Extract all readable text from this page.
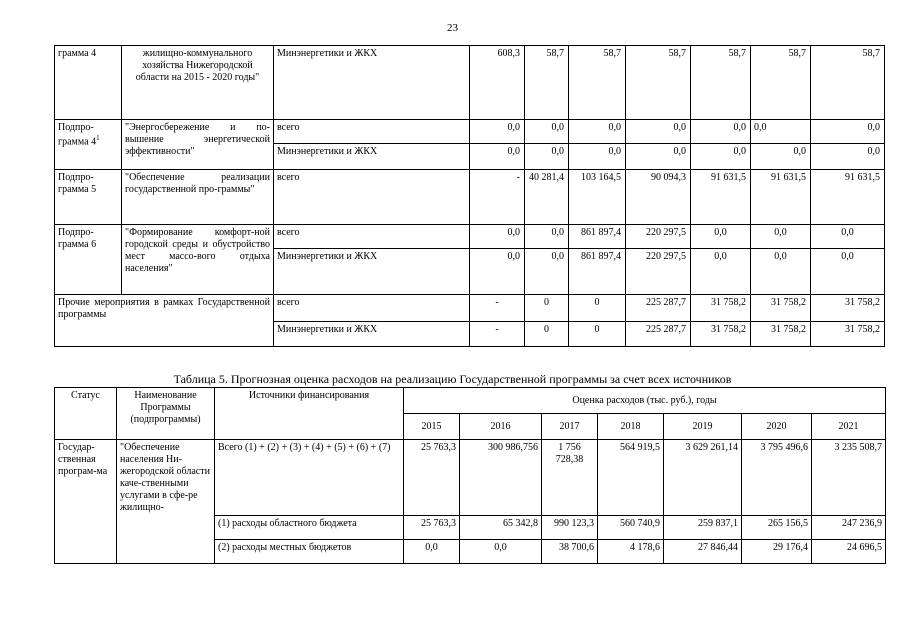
23
грамма 4	жилищно-коммунального хозяйства Нижегородской области на 2015 - 2020 годы"	Минэнергетики и ЖКХ	608,3	58,7	58,7	58,7	58,7	58,7	58,7
Подпро-грамма $4^1$	"Энергосбережение и по-вышение энергетической эффективности"	всего	0,0	0,0	0,0	0,0	0,0	0,0	0,0
		Минэнергетики и ЖКХ	0,0	0,0	0,0	0,0	0,0	0,0	0,0
Подпро-грамма 5	"Обеспечение реализации государственной про-граммы"	всего	-	40 281,4	103 164,5	90 094,3	91 631,5	91 631,5	91 631,5
Подпро-грамма 6	"Формирование комфорт-ной городской среды и обустройство мест массо-вого отдыха населения"	всего	0,0	0,0	861 897,4	220 297,5	0,0	0,0	0,0
		Минэнергетики и ЖКХ	0,0	0,0	861 897,4	220 297,5	0,0	0,0	0,0
Прочие мероприятия в рамках Государственной программы		всего	-	0	0	225 287,7	31 758,2	31 758,2	31 758,2
		Минэнергетики и ЖКХ	-	0	0	225 287,7	31 758,2	31 758,2	31 758,2
Таблица 5. Прогнозная оценка расходов на реализацию Государственной программы за счет всех источников
Статус	Наименование Программы (подпрограммы)	Источники финансирования	Оценка расходов (тыс. руб.), годы						
			2015	2016	2017	2018	2019	2020	2021
Государ-ственная програм-ма	"Обеспечение населения Ни-жегородской области каче-ственными услугами в сфе-ре жилищно-	Всего (1) + (2) + (3) + (4) + (5) + (6) + (7)	25 763,3	300 986,756	1 756 728,38	564 919,5	3 629 261,14	3 795 496,6	3 235 508,7
		(1) расходы областного бюджета	25 763,3	65 342,8	990 123,3	560 740,9	259 837,1	265 156,5	247 236,9
		(2) расходы местных бюджетов	0,0	0,0	38 700,6	4 178,6	27 846,44	29 176,4	24 696,5
